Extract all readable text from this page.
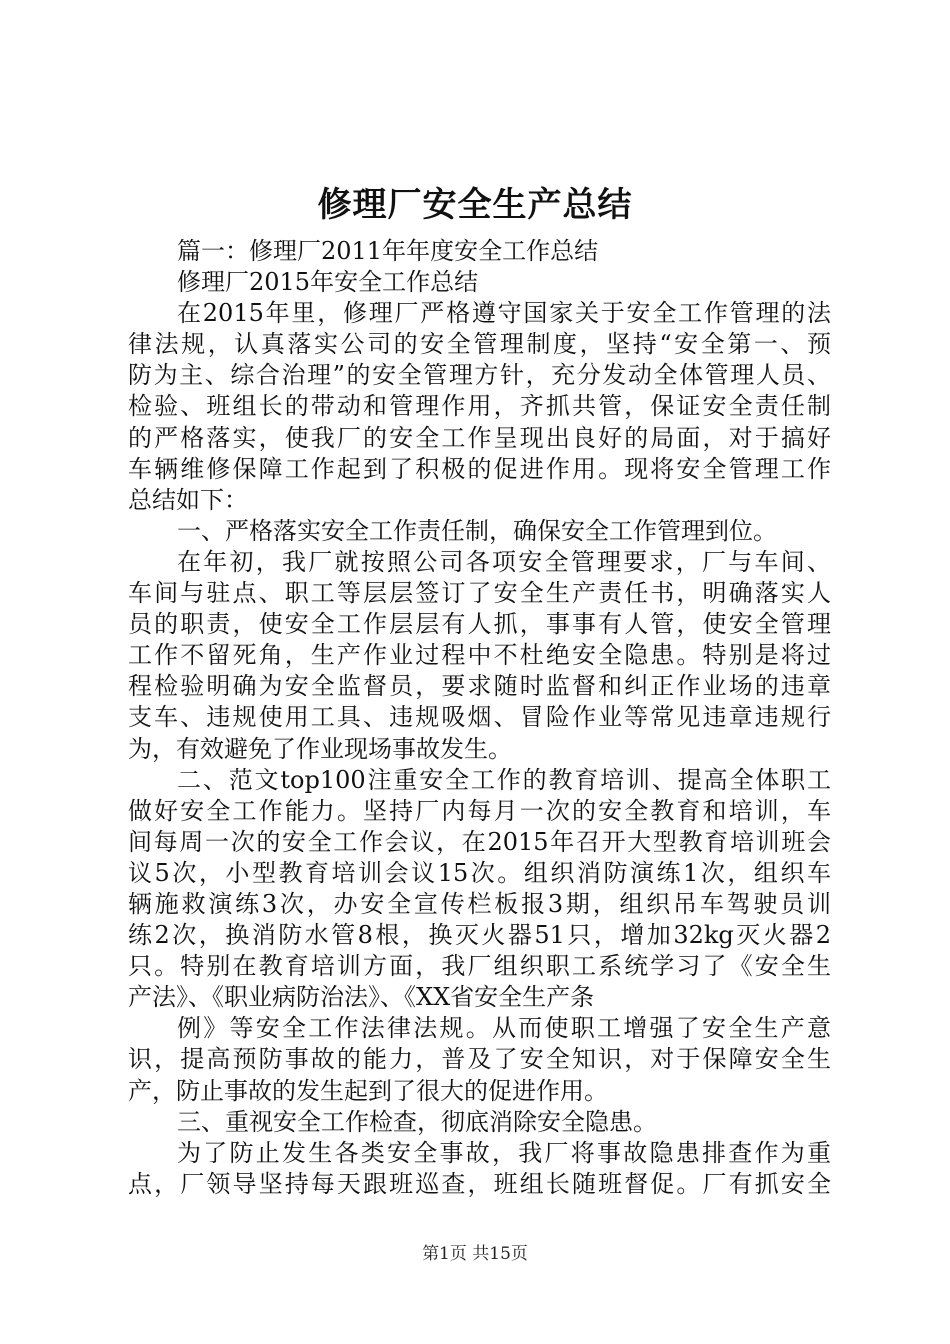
修理厂安全生产总结
篇一：修理厂2011年年度安全工作总结
修理厂2015年安全工作总结
在2015年里，修理厂严格遵守国家关于安全工作管理的法
律法规，认真落实公司的安全管理制度，坚持“安全第一、预
防为主、综合治理”的安全管理方针，充分发动全体管理人员、
检验、班组长的带动和管理作用，齐抓共管，保证安全责任制
的严格落实，使我厂的安全工作呈现出良好的局面，对于搞好
车辆维修保障工作起到了积极的促进作用。现将安全管理工作
总结如下：
一、严格落实安全工作责任制，确保安全工作管理到位。
在年初，我厂就按照公司各项安全管理要求，厂与车间、
车间与驻点、职工等层层签订了安全生产责任书，明确落实人
员的职责，使安全工作层层有人抓，事事有人管，使安全管理
工作不留死角，生产作业过程中不杜绝安全隐患。特别是将过
程检验明确为安全监督员，要求随时监督和纠正作业场的违章
支车、违规使用工具、违规吸烟、冒险作业等常见违章违规行
为，有效避免了作业现场事故发生。
二、范文top100注重安全工作的教育培训、提高全体职工
做好安全工作能力。坚持厂内每月一次的安全教育和培训，车
间每周一次的安全工作会议，在2015年召开大型教育培训班会
议5次，小型教育培训会议15次。组织消防演练1次，组织车
辆施救演练3次，办安全宣传栏板报3期，组织吊车驾驶员训
练2次，换消防水管8根，换灭火器51只，增加32kg灭火器2
只。特别在教育培训方面，我厂组织职工系统学习了《安全生
产法》、《职业病防治法》、《XX省安全生产条
例》等安全工作法律法规。从而使职工增强了安全生产意
识，提高预防事故的能力，普及了安全知识，对于保障安全生
产，防止事故的发生起到了很大的促进作用。
三、重视安全工作检查，彻底消除安全隐患。
为了防止发生各类安全事故，我厂将事故隐患排查作为重
点，厂领导坚持每天跟班巡查，班组长随班督促。厂有抓安全
第1页 共15页
